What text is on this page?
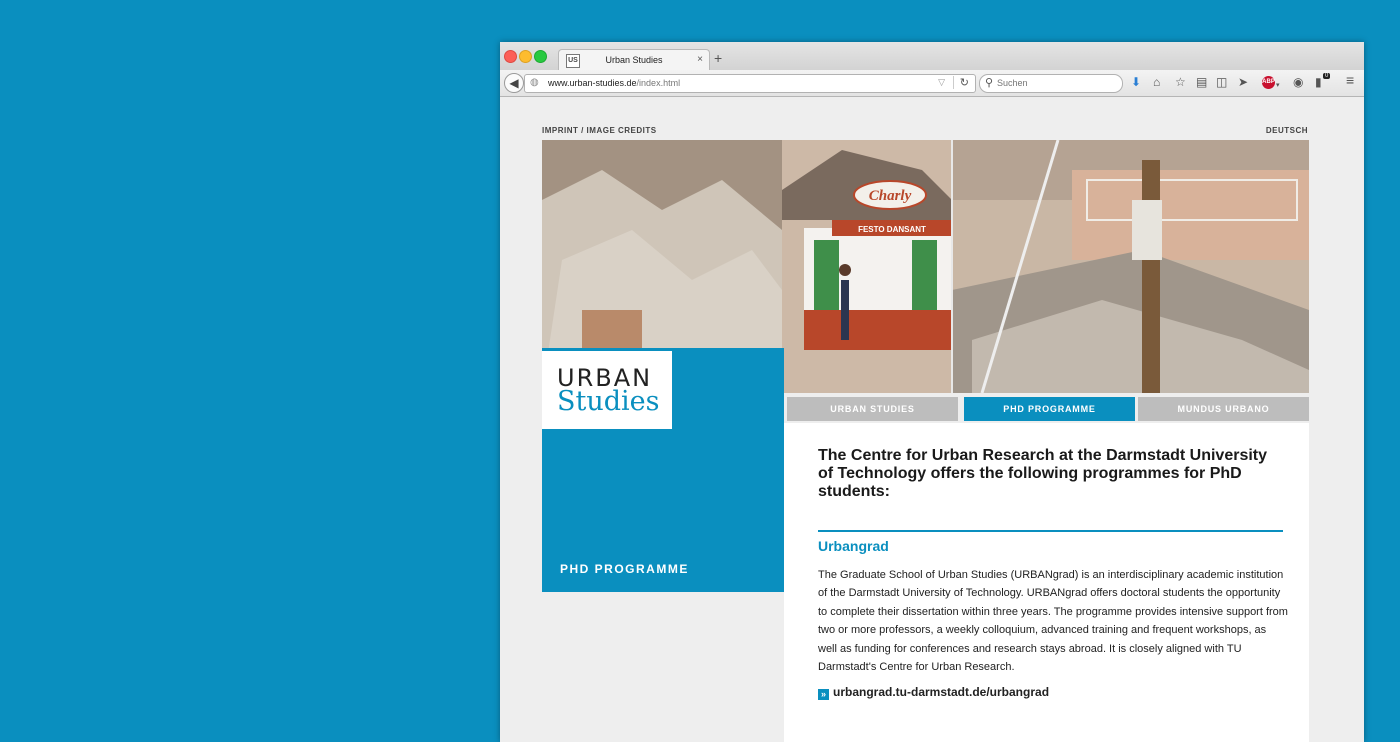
US	Urban Studies	× +
◀	◍ www.urban-studies.de/index.html	▽	↻ ⚲
Suchen	⬇ ⌂ ☆ ▤ ◫ ➤ ABP ▾ ◉ ▮ 0 ≡
IMPRINT / IMAGE CREDITS	DEUTSCH
Charly
FESTO DANSANT
URBAN
Studies
PHD PROGRAMME
URBAN STUDIES	PHD PROGRAMME	MUNDUS URBANO
The Centre for Urban Research at the Darmstadt University of Technology offers the following programmes for PhD students:
Urbangrad

The Graduate School of Urban Studies (URBANgrad) is an interdisciplinary academic institution of the Darmstadt University of Technology. URBANgrad offers doctoral students the opportunity to complete their dissertation within three years. The programme provides intensive support from two or more professors, a weekly colloquium, advanced training and frequent workshops, as well as funding for conferences and research stays abroad. It is closely aligned with TU Darmstadt's Centre for Urban Research.

» urbangrad.tu-darmstadt.de/urbangrad
